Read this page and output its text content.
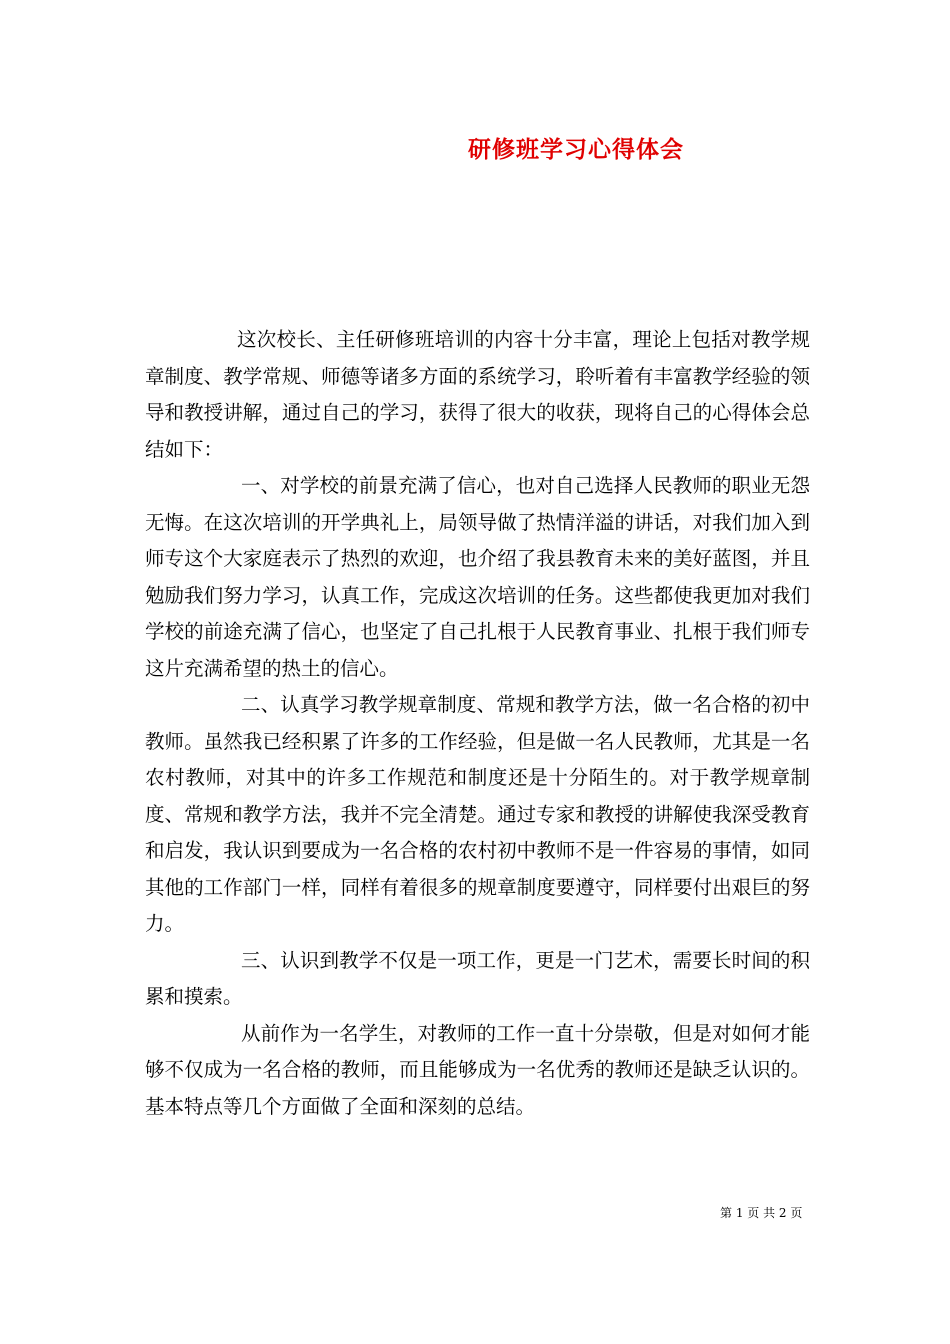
研修班学习心得体会

这次校长、主任研修班培训的内容十分丰富，理论上包括对教学规章制度、教学常规、师德等诸多方面的系统学习，聆听着有丰富教学经验的领导和教授讲解，通过自己的学习，获得了很大的收获，现将自己的心得体会总结如下：

一、对学校的前景充满了信心，也对自己选择人民教师的职业无怨无悔。在这次培训的开学典礼上，局领导做了热情洋溢的讲话，对我们加入到师专这个大家庭表示了热烈的欢迎，也介绍了我县教育未来的美好蓝图，并且勉励我们努力学习，认真工作，完成这次培训的任务。这些都使我更加对我们学校的前途充满了信心，也坚定了自己扎根于人民教育事业、扎根于我们师专这片充满希望的热土的信心。

二、认真学习教学规章制度、常规和教学方法，做一名合格的初中教师。虽然我已经积累了许多的工作经验，但是做一名人民教师，尤其是一名农村教师，对其中的许多工作规范和制度还是十分陌生的。对于教学规章制度、常规和教学方法，我并不完全清楚。通过专家和教授的讲解使我深受教育和启发，我认识到要成为一名合格的农村初中教师不是一件容易的事情，如同其他的工作部门一样，同样有着很多的规章制度要遵守，同样要付出艰巨的努力。

三、认识到教学不仅是一项工作，更是一门艺术，需要长时间的积累和摸索。

从前作为一名学生，对教师的工作一直十分崇敬，但是对如何才能够不仅成为一名合格的教师，而且能够成为一名优秀的教师还是缺乏认识的。基本特点等几个方面做了全面和深刻的总结。

第 1 页 共 2 页
